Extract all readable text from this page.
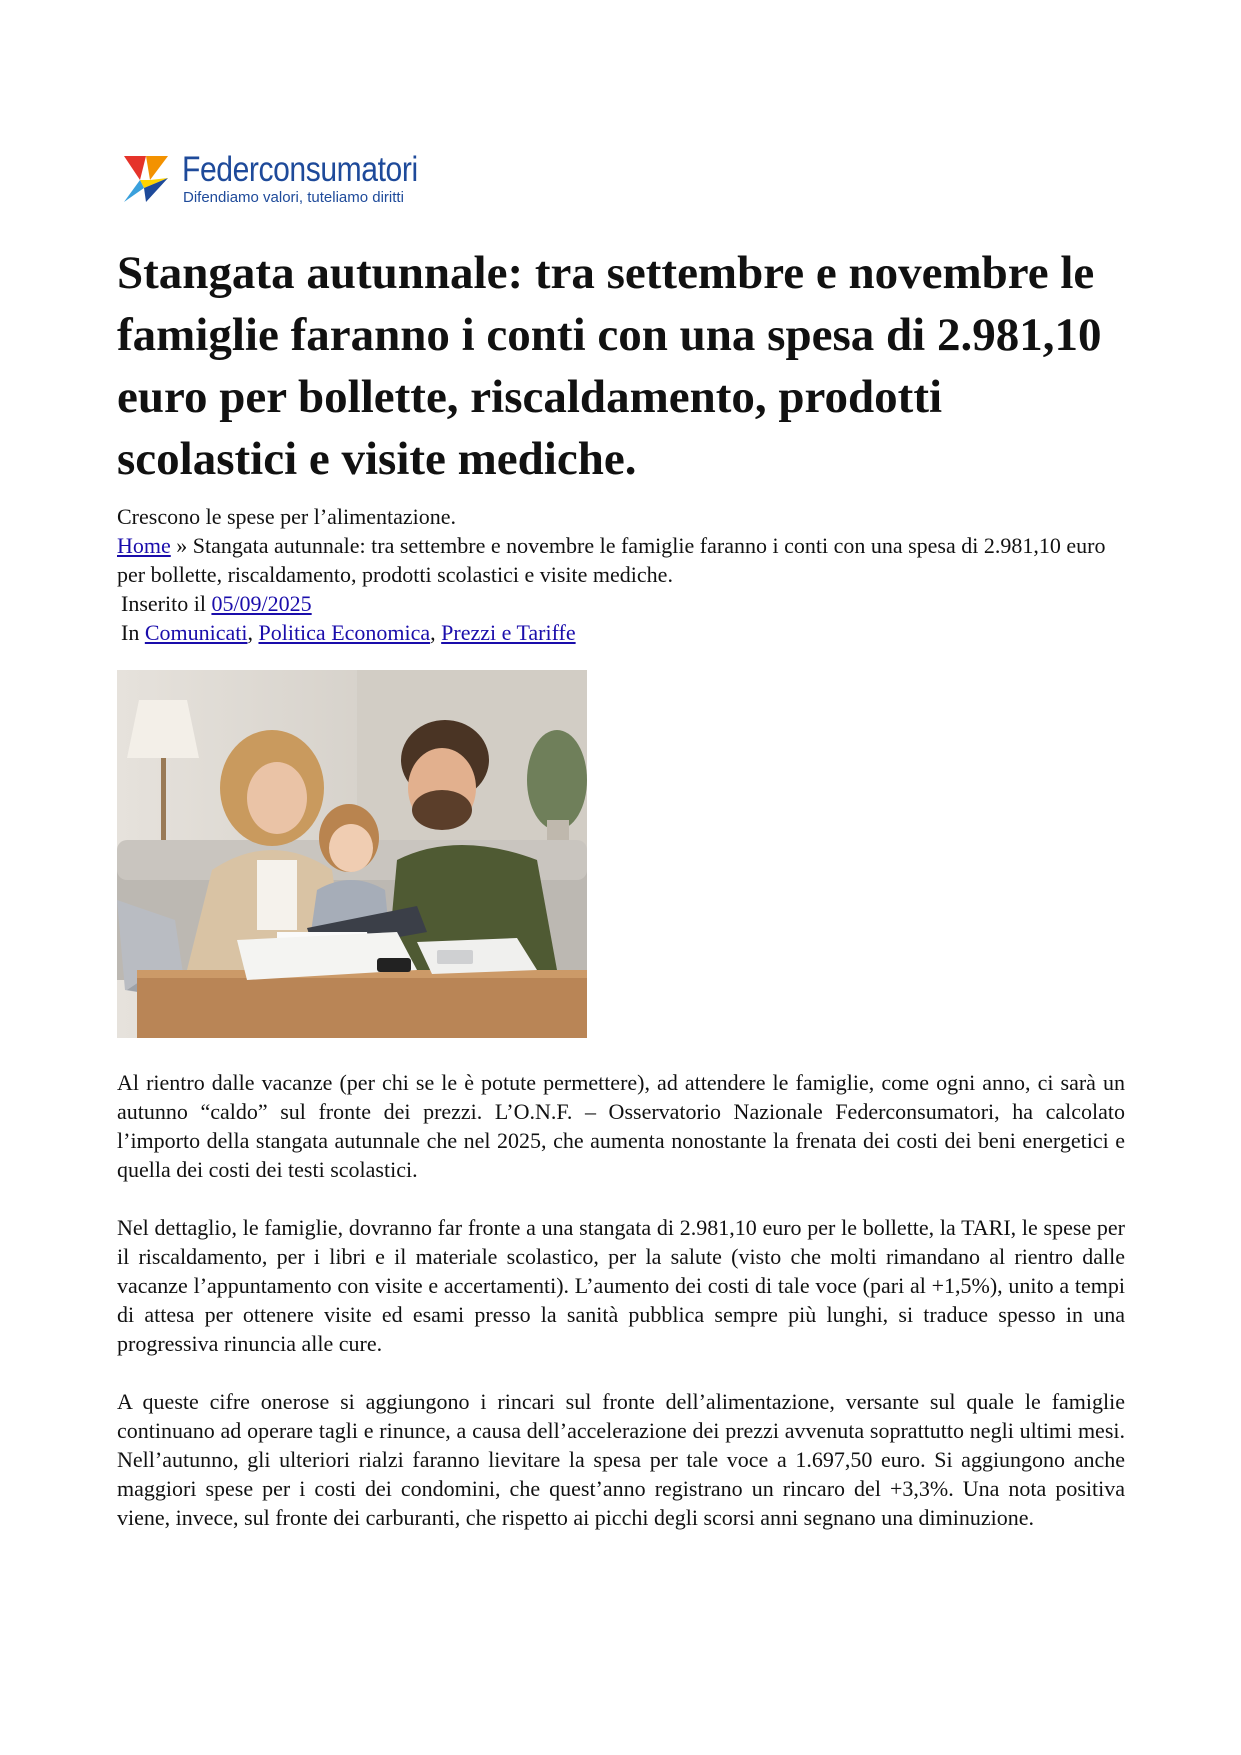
Federconsumatori
Difendiamo valori, tuteliamo diritti
Stangata autunnale: tra settembre e novembre le famiglie faranno i conti con una spesa di 2.981,10 euro per bollette, riscaldamento, prodotti scolastici e visite mediche.

Crescono le spese per l’alimentazione.

Home » Stangata autunnale: tra settembre e novembre le famiglie faranno i conti con una spesa di 2.981,10 euro per bollette, riscaldamento, prodotti scolastici e visite mediche.

Inserito il 05/09/2025

In Comunicati, Politica Economica, Prezzi e Tariffe

Al rientro dalle vacanze (per chi se le è potute permettere), ad attendere le famiglie, come ogni anno, ci sarà un autunno “caldo” sul fronte dei prezzi. L’O.N.F. – Osservatorio Nazionale Federconsumatori, ha calcolato l’importo della stangata autunnale che nel 2025, che aumenta nonostante la frenata dei costi dei beni energetici e quella dei costi dei testi scolastici.

Nel dettaglio, le famiglie, dovranno far fronte a una stangata di 2.981,10 euro per le bollette, la TARI, le spese per il riscaldamento, per i libri e il materiale scolastico, per la salute (visto che molti rimandano al rientro dalle vacanze l’appuntamento con visite e accertamenti). L’aumento dei costi di tale voce (pari al +1,5%), unito a tempi di attesa per ottenere visite ed esami presso la sanità pubblica sempre più lunghi, si traduce spesso in una progressiva rinuncia alle cure.

A queste cifre onerose si aggiungono i rincari sul fronte dell’alimentazione, versante sul quale le famiglie continuano ad operare tagli e rinunce, a causa dell’accelerazione dei prezzi avvenuta soprattutto negli ultimi mesi. Nell’autunno, gli ulteriori rialzi faranno lievitare la spesa per tale voce a 1.697,50 euro. Si aggiungono anche maggiori spese per i costi dei condomini, che quest’anno registrano un rincaro del +3,3%. Una nota positiva viene, invece, sul fronte dei carburanti, che rispetto ai picchi degli scorsi anni segnano una diminuzione.
